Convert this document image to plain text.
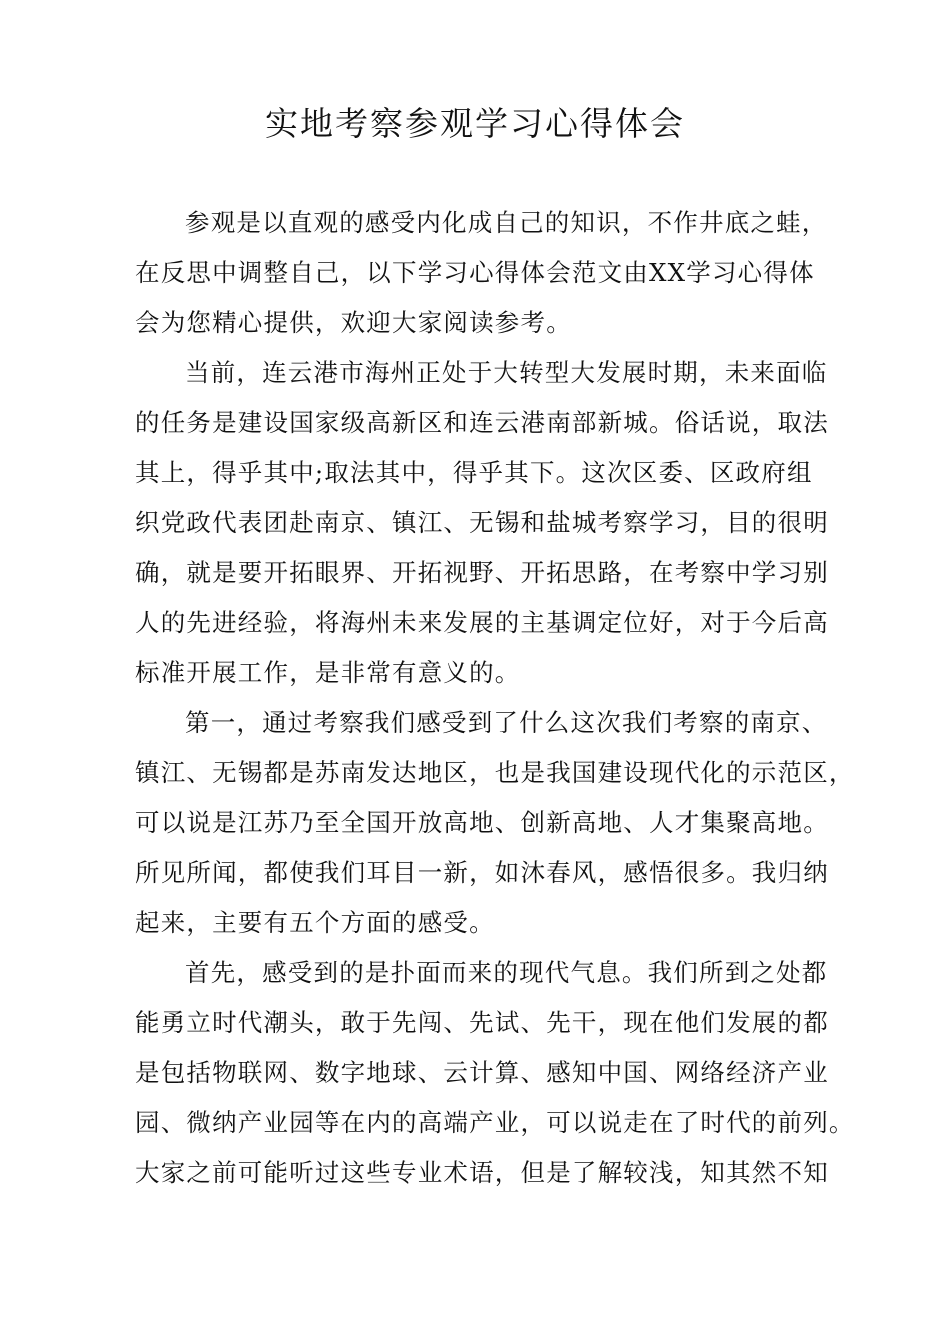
实地考察参观学习心得体会
参观是以直观的感受内化成自己的知识，不作井底之蛙，
在反思中调整自己，以下学习心得体会范文由XX学习心得体
会为您精心提供，欢迎大家阅读参考。
当前，连云港市海州正处于大转型大发展时期，未来面临
的任务是建设国家级高新区和连云港南部新城。俗话说，取法
其上，得乎其中;取法其中，得乎其下。这次区委、区政府组
织党政代表团赴南京、镇江、无锡和盐城考察学习，目的很明
确，就是要开拓眼界、开拓视野、开拓思路，在考察中学习别
人的先进经验，将海州未来发展的主基调定位好，对于今后高
标准开展工作，是非常有意义的。
第一，通过考察我们感受到了什么这次我们考察的南京、
镇江、无锡都是苏南发达地区，也是我国建设现代化的示范区，
可以说是江苏乃至全国开放高地、创新高地、人才集聚高地。
所见所闻，都使我们耳目一新，如沐春风，感悟很多。我归纳
起来，主要有五个方面的感受。
首先，感受到的是扑面而来的现代气息。我们所到之处都
能勇立时代潮头，敢于先闯、先试、先干，现在他们发展的都
是包括物联网、数字地球、云计算、感知中国、网络经济产业
园、微纳产业园等在内的高端产业，可以说走在了时代的前列。
大家之前可能听过这些专业术语，但是了解较浅，知其然不知
